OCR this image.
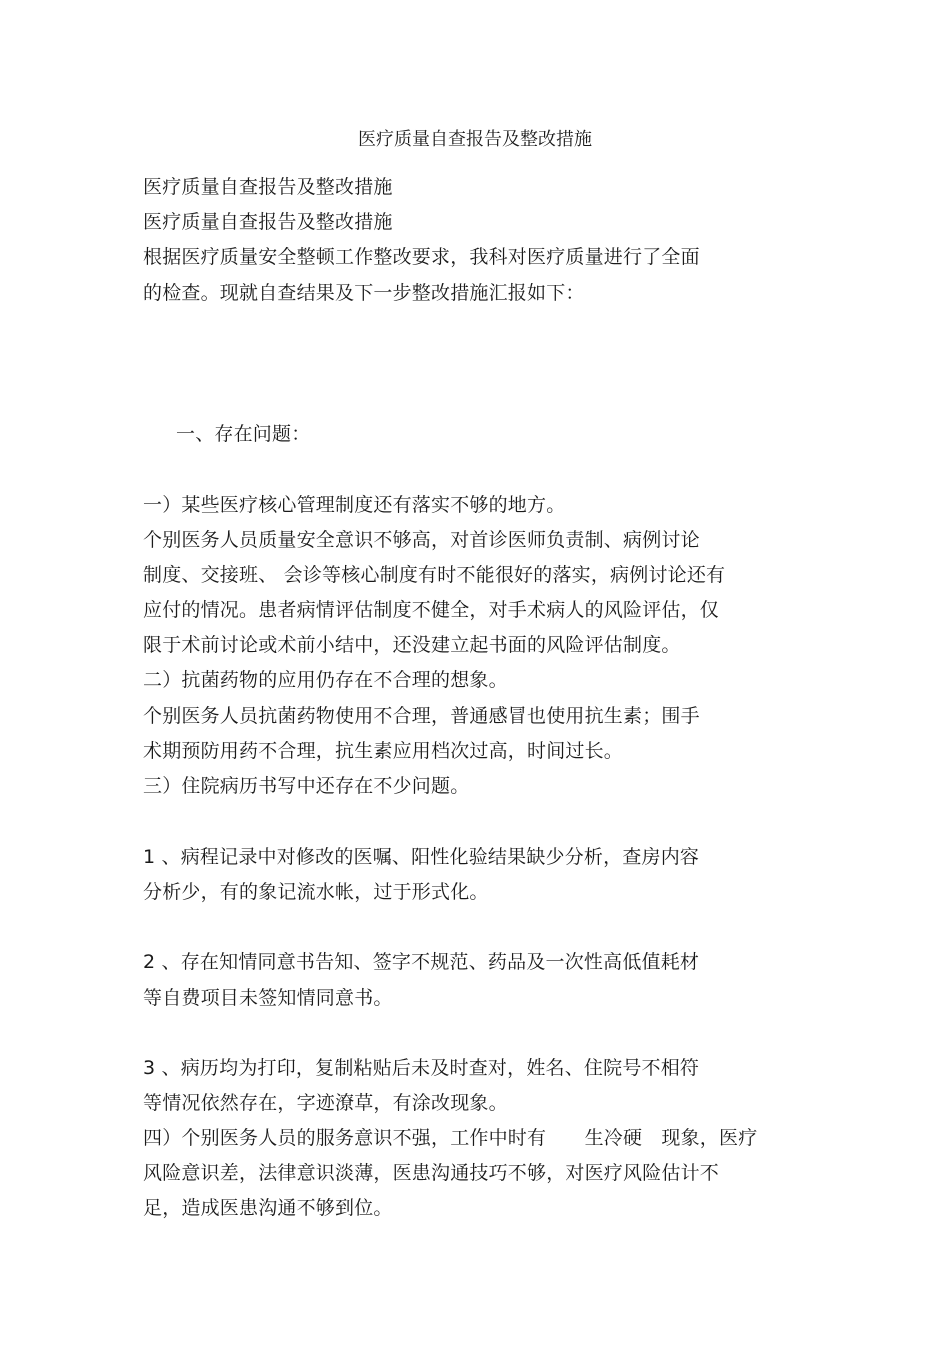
医疗质量自查报告及整改措施
医疗质量自查报告及整改措施
医疗质量自查报告及整改措施
根据医疗质量安全整顿工作整改要求，我科对医疗质量进行了全面
的检查。现就自查结果及下一步整改措施汇报如下：
一、存在问题：
一）某些医疗核心管理制度还有落实不够的地方。
个别医务人员质量安全意识不够高，对首诊医师负责制、病例讨论
制度、交接班、 会诊等核心制度有时不能很好的落实，病例讨论还有
应付的情况。患者病情评估制度不健全，对手术病人的风险评估，仅
限于术前讨论或术前小结中，还没建立起书面的风险评估制度。
二）抗菌药物的应用仍存在不合理的想象。
个别医务人员抗菌药物使用不合理，普通感冒也使用抗生素；围手
术期预防用药不合理，抗生素应用档次过高，时间过长。
三）住院病历书写中还存在不少问题。
1 、病程记录中对修改的医嘱、阳性化验结果缺少分析，查房内容
分析少，有的象记流水帐，过于形式化。
2 、存在知情同意书告知、签字不规范、药品及一次性高低值耗材
等自费项目未签知情同意书。
3 、病历均为打印，复制粘贴后未及时查对，姓名、住院号不相符
等情况依然存在，字迹潦草，有涂改现象。
四）个别医务人员的服务意识不强，工作中时有　　生冷硬　现象，医疗
风险意识差，法律意识淡薄，医患沟通技巧不够，对医疗风险估计不
足，造成医患沟通不够到位。
